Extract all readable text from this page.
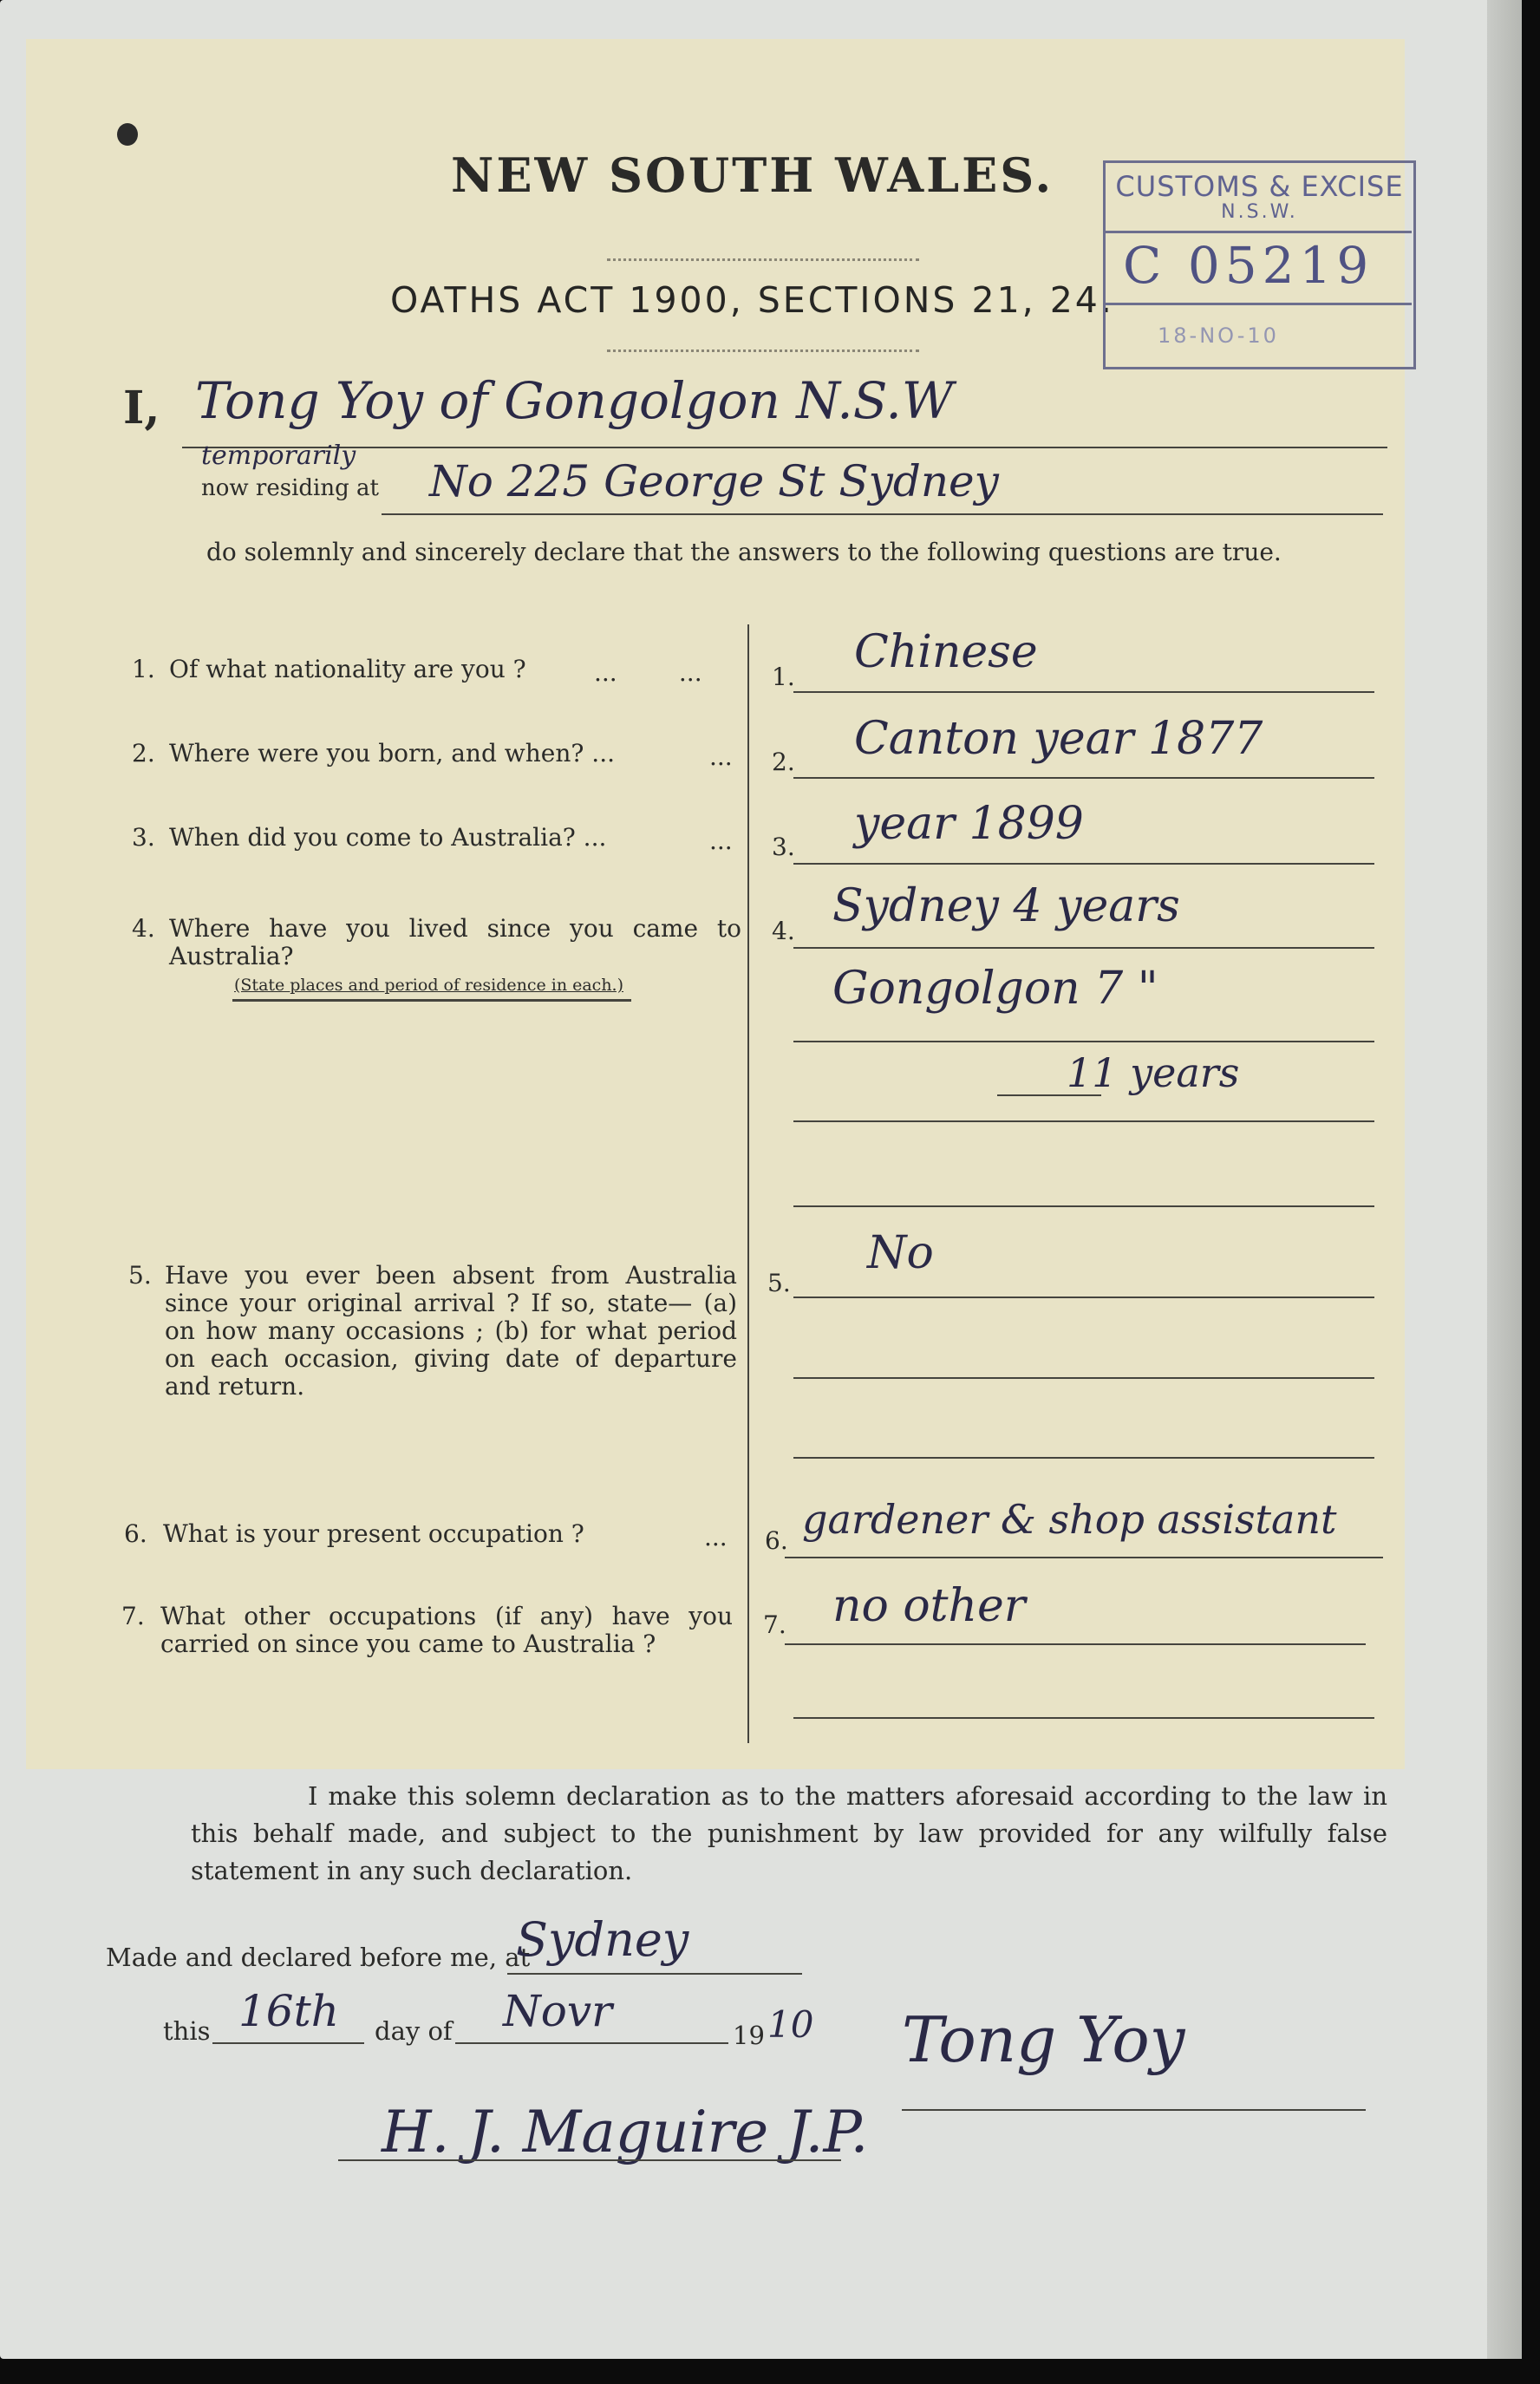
NEW SOUTH WALES.
OATHS ACT 1900, SECTIONS 21, 24.
CUSTOMS & EXCISE
N.S.W.
C 05219
18-NO-10
I, Tong Yoy of Gongolgon N.S.W
temporarily
now residing at No 225 George St Sydney
do solemnly and sincerely declare that the answers to the following questions are true.
1. Of what nationality are you ?	...        ...	1. Chinese
2. Where were you born, and when? ...	... 2. Canton year 1877
3. When did you come to Australia? ...	... 3. year 1899
4. Where have you lived since you came to Australia?
(State places and period of residence in each.)
4. Sydney 4 years
Gongolgon 7 "
11 years
5. Have you ever been absent from Australia since your original arrival ? If so, state— (a) on how many occasions ; (b) for what period on each occasion, giving date of departure and return.
5.
No
6. What is your present occupation ?	... 6. gardener & shop assistant
7. What other occupations (if any) have you carried on since you came to Australia ?
7. no other
I make this solemn declaration as to the matters aforesaid according to the law in this behalf made, and subject to the punishment by law provided for any wilfully false statement in any such declaration.
Made and declared before me, at
Sydney
this 16th day of Novr	19 10 Tong Yoy
H. J. Maguire J.P.
